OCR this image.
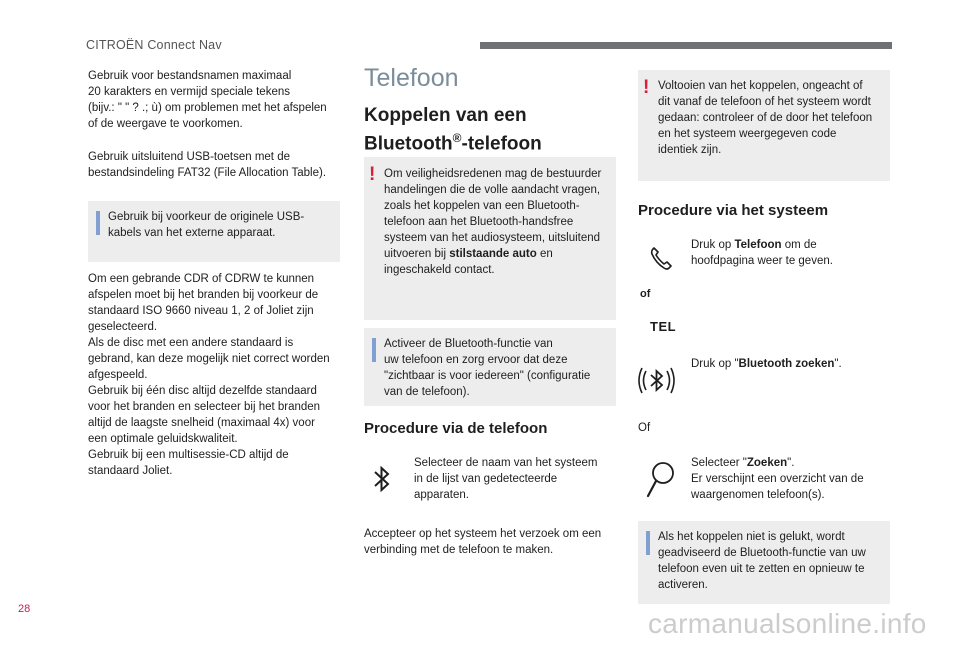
CITROËN Connect Nav
Gebruik voor bestandsnamen maximaal
20 karakters en vermijd speciale tekens
(bijv.: " " ? .; ù) om problemen met het afspelen
of de weergave te voorkomen.
Gebruik uitsluitend USB-toetsen met de
bestandsindeling FAT32 (File Allocation Table).
Gebruik bij voorkeur de originele USB-
kabels van het externe apparaat.
Om een gebrande CDR of CDRW te kunnen
afspelen moet bij het branden bij voorkeur de
standaard ISO 9660 niveau 1, 2 of Joliet zijn
geselecteerd.
Als de disc met een andere standaard is
gebrand, kan deze mogelijk niet correct worden
afgespeeld.
Gebruik bij één disc altijd dezelfde standaard
voor het branden en selecteer bij het branden
altijd de laagste snelheid (maximaal 4x) voor
een optimale geluidskwaliteit.
Gebruik bij een multisessie-CD altijd de
standaard Joliet.
Telefoon
Koppelen van een
Bluetooth®-telefoon
! Om veiligheidsredenen mag de bestuurder
handelingen die de volle aandacht vragen,
zoals het koppelen van een Bluetooth-
telefoon aan het Bluetooth-handsfree
systeem van het audiosysteem, uitsluitend
uitvoeren bij stilstaande auto en
ingeschakeld contact.
Activeer de Bluetooth-functie van
uw telefoon en zorg ervoor dat deze
"zichtbaar is voor iedereen" (configuratie
van de telefoon).
Procedure via de telefoon
Selecteer de naam van het systeem
in de lijst van gedetecteerde
apparaten.
Accepteer op het systeem het verzoek om een
verbinding met de telefoon te maken.
! Voltooien van het koppelen, ongeacht of
dit vanaf de telefoon of het systeem wordt
gedaan: controleer of de door het telefoon
en het systeem weergegeven code
identiek zijn.
Procedure via het systeem
Druk op Telefoon om de
hoofdpagina weer te geven.
of
TEL
Druk op "Bluetooth zoeken".
Of
Selecteer "Zoeken".
Er verschijnt een overzicht van de
waargenomen telefoon(s).
Als het koppelen niet is gelukt, wordt
geadviseerd de Bluetooth-functie van uw
telefoon even uit te zetten en opnieuw te
activeren.
28	carmanualsonline.info
